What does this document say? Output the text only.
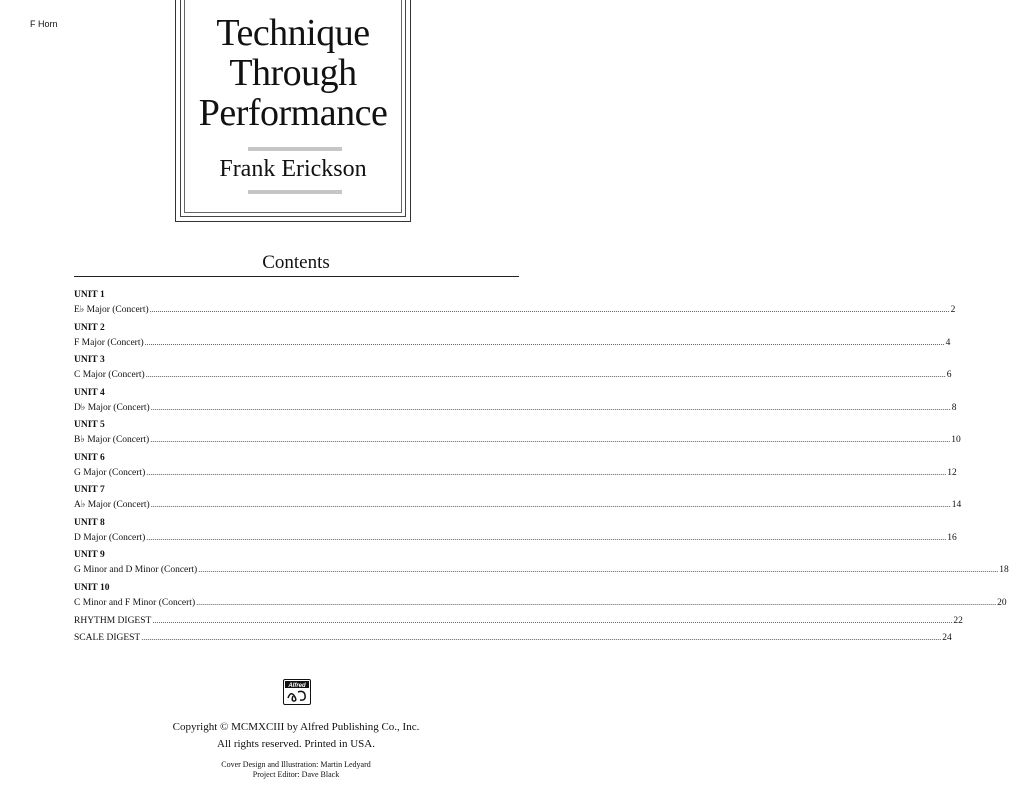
F Horn	Technique
Through
Performance
Frank Erickson
Contents
UNIT 1
E♭ Major (Concert) ................................................................................................................................................................................................................................................................................................................................................................................................................ 2
UNIT 2
F Major (Concert) ................................................................................................................................................................................................................................................................................................................................................................................................................ 4
UNIT 3
C Major (Concert) ................................................................................................................................................................................................................................................................................................................................................................................................................ 6
UNIT 4
D♭ Major (Concert) ................................................................................................................................................................................................................................................................................................................................................................................................................ 8
UNIT 5
B♭ Major (Concert) ................................................................................................................................................................................................................................................................................................................................................................................................................ 10
UNIT 6
G Major (Concert) ................................................................................................................................................................................................................................................................................................................................................................................................................ 12
UNIT 7
A♭ Major (Concert) ................................................................................................................................................................................................................................................................................................................................................................................................................ 14
UNIT 8
D Major (Concert) ................................................................................................................................................................................................................................................................................................................................................................................................................ 16
UNIT 9
G Minor and D Minor (Concert) ................................................................................................................................................................................................................................................................................................................................................................................................................ 18
UNIT 10
C Minor and F Minor (Concert) ................................................................................................................................................................................................................................................................................................................................................................................................................ 20
RHYTHM DIGEST ................................................................................................................................................................................................................................................................................................................................................................................................................ 22
SCALE DIGEST ................................................................................................................................................................................................................................................................................................................................................................................................................ 24
Alfred
Copyright © MCMXCIII by Alfred Publishing Co., Inc.
All rights reserved. Printed in USA.
Cover Design and Illustration: Martin Ledyard
Project Editor: Dave Black
